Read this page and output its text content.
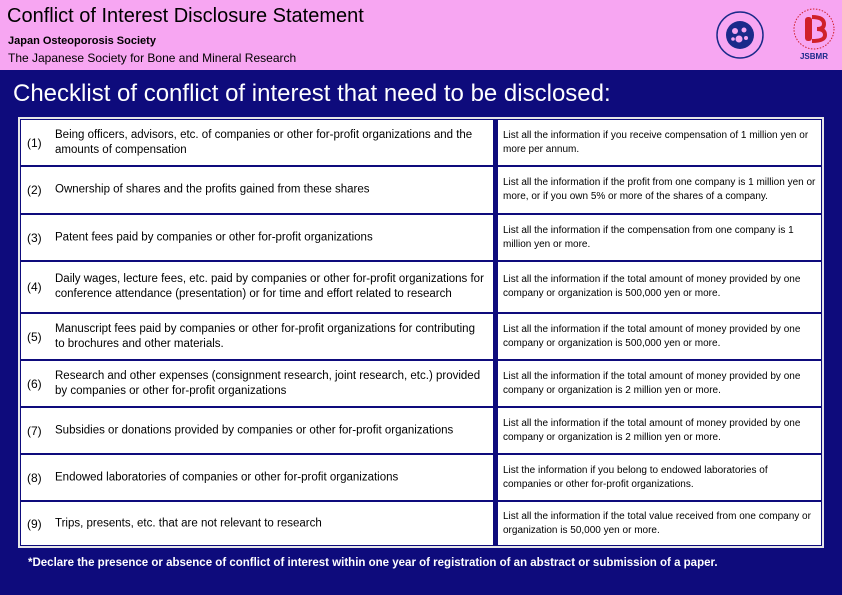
Conflict of Interest Disclosure Statement
Japan Osteoporosis Society
The Japanese Society for Bone and Mineral Research	JSBMR
Checklist of conflict of interest that need to be disclosed:
(1)
Being officers, advisors, etc. of companies or other for-profit organizations and the amounts of compensation
List all the information if you receive compensation of 1 million yen or more per annum.
(2) Ownership of shares and the profits gained from these shares
List all the information if the profit from one company is 1 million yen or more, or if you own 5% or more of the shares of a company.
(3) Patent fees paid by companies or other for-profit organizations
List all the information if the compensation from one company is 1 million yen or more.
(4)
Daily wages, lecture fees, etc. paid by companies or other for-profit organizations for conference attendance (presentation) or for time and effort related to research
List all the information if the total amount of money provided by one company or organization is 500,000 yen or more.
(5)
Manuscript fees paid by companies or other for-profit organizations for contributing to brochures and other materials.
List all the information if the total amount of money provided by one company or organization is 500,000 yen or more.
(6)
Research and other expenses (consignment research, joint research, etc.) provided by companies or other for-profit organizations
List all the information if the total amount of money provided by one company or organization is 2 million yen or more.
(7) Subsidies or donations provided by companies or other for-profit organizations
List all the information if the total amount of money provided by one company or organization is 2 million yen or more.
(8) Endowed laboratories of companies or other for-profit organizations
List the information if you belong to endowed laboratories of companies or other for-profit organizations.
(9) Trips, presents, etc. that are not relevant to research
List all the information if the total value received from one company or organization is 50,000 yen or more.
*Declare the presence or absence of conflict of interest within one year of registration of an abstract or submission of a paper.
